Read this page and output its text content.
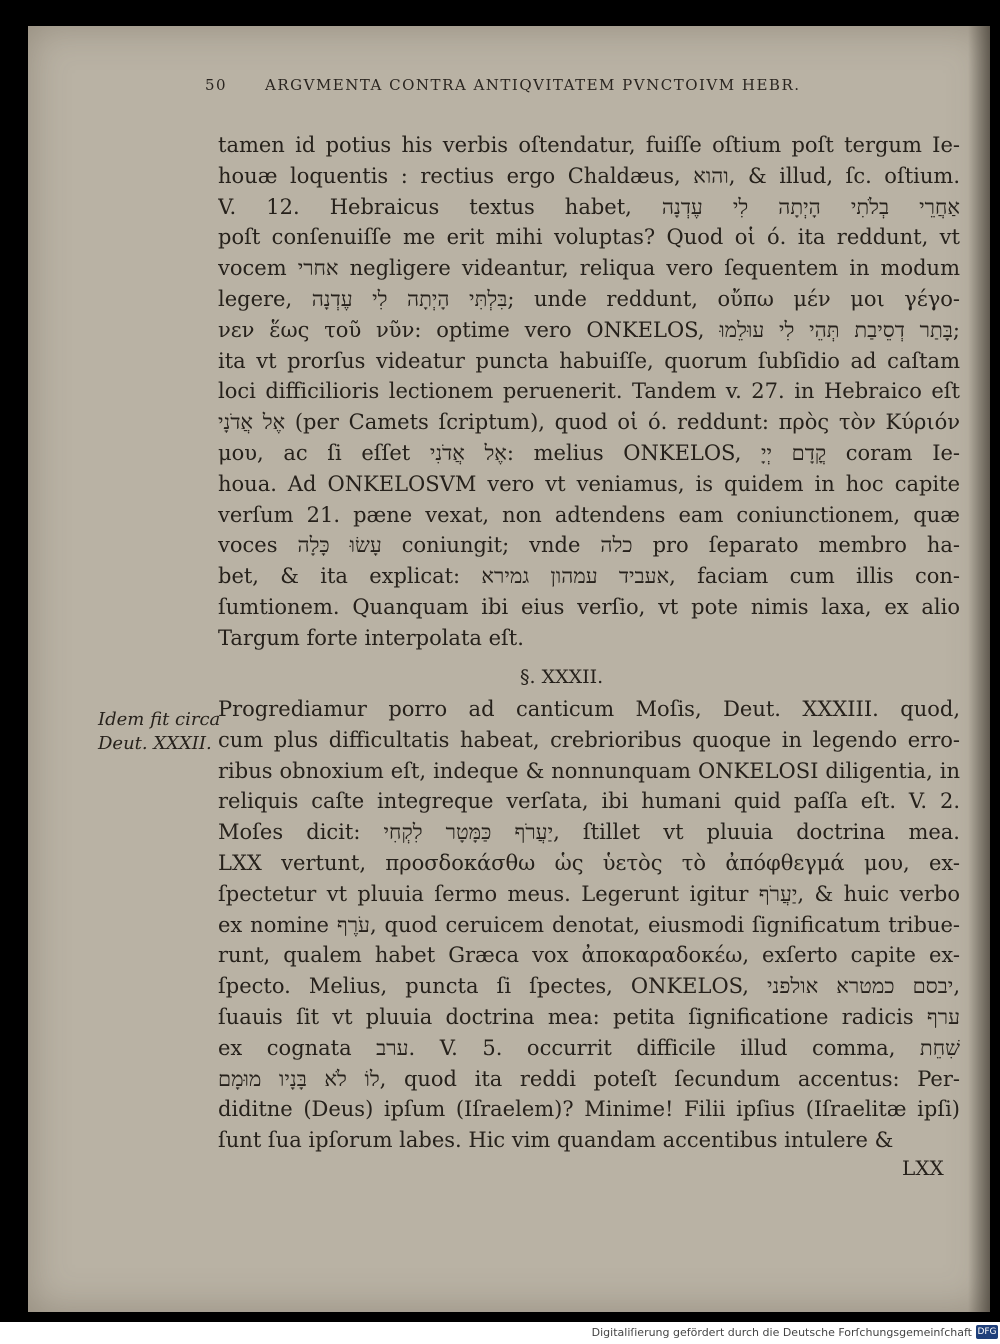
50	ARGVMENTA CONTRA ANTIQVITATEM PVNCTOIVM HEBR.
tamen id potius his verbis oſtendatur, fuiſſe oſtium poſt tergum Ie-
houæ loquentis : rectius ergo Chaldæus, והוא, & illud, ſc. oſtium.
V. 12. Hebraicus textus habet, אַחֲרֵי בְלֹתִי הָיְתָה לִי עֶדְנָה
poſt conſenuiſſe me erit mihi voluptas? Quod οἱ ό. ita reddunt, vt
vocem אחרי negligere videantur, reliqua vero ſequentem in modum
legere, בִּלְתִּי הָיְתָה לִי עֶדְנָה; unde reddunt, οὔπω μέν μοι γέγο-
νεν ἕως τοῦ νῦν: optime vero ONKELOS, בָּתַר דְסֵיבַת תְּהֵי לִי עוּלֵמוּ;
ita vt prorſus videatur puncta habuiſſe, quorum ſubſidio ad caſtam
loci difficilioris lectionem peruenerit. Tandem v. 27. in Hebraico eſt
אֶל אֲדֹנָי (per Camets ſcriptum), quod οἱ ό. reddunt: πρὸς τὸν Κύριόν
μου, ac ſi eſſet אֶל אֲדֹנִי: melius ONKELOS, קֳדָם יְיָ coram Ie-
houa. Ad ONKELOSVM vero vt veniamus, is quidem in hoc capite
verſum 21. pæne vexat, non adtendens eam coniunctionem, quæ
voces עָשׂוּ כָּלָה coniungit; vnde כלה pro ſeparato membro ha-
bet, & ita explicat: אעביד עמהון גמירא, faciam cum illis con-
ſumtionem. Quanquam ibi eius verſio, vt pote nimis laxa, ex alio
Targum forte interpolata eſt.
§. XXXII.
Idem fit circa
Deut. XXXII.
Progrediamur porro ad canticum Moſis, Deut. XXXIII. quod,
cum plus difficultatis habeat, crebrioribus quoque in legendo erro-
ribus obnoxium eſt, indeque & nonnunquam ONKELOSI diligentia, in
reliquis caſte integreque verſata, ibi humani quid paſſa eſt. V. 2.
Moſes dicit: יַעֲרֹף כַּמָּטָר לִקְחִי, ſtillet vt pluuia doctrina mea.
LXX vertunt, προσδοκάσθω ὡς ὑετὸς τὸ ἀπόφθεγμά μου, ex-
ſpectetur vt pluuia ſermo meus. Legerunt igitur יַעֲרֹף, & huic verbo
ex nomine עֹרֶף, quod ceruicem denotat, eiusmodi ſignificatum tribue-
runt, qualem habet Græca vox ἀποκαραδοκέω, exſerto capite ex-
ſpecto. Melius, puncta ſi ſpectes, ONKELOS, יבסם כמטרא אולפני,
ſuauis ſit vt pluuia doctrina mea: petita ſignificatione radicis ערף
ex cognata ערב. V. 5. occurrit difficile illud comma, שִׁחֵת
לוֹ לֹא בָּנָיו מוּמָם, quod ita reddi poteſt ſecundum accentus: Per-
diditne (Deus) ipſum (Iſraelem)? Minime! Filii ipſius (Iſraelitæ ipſi)
ſunt ſua ipſorum labes. Hic vim quandam accentibus intulere &
LXX
Digitaliſierung gefördert durch die Deutsche Forſchungsgemeinſchaft DFG
